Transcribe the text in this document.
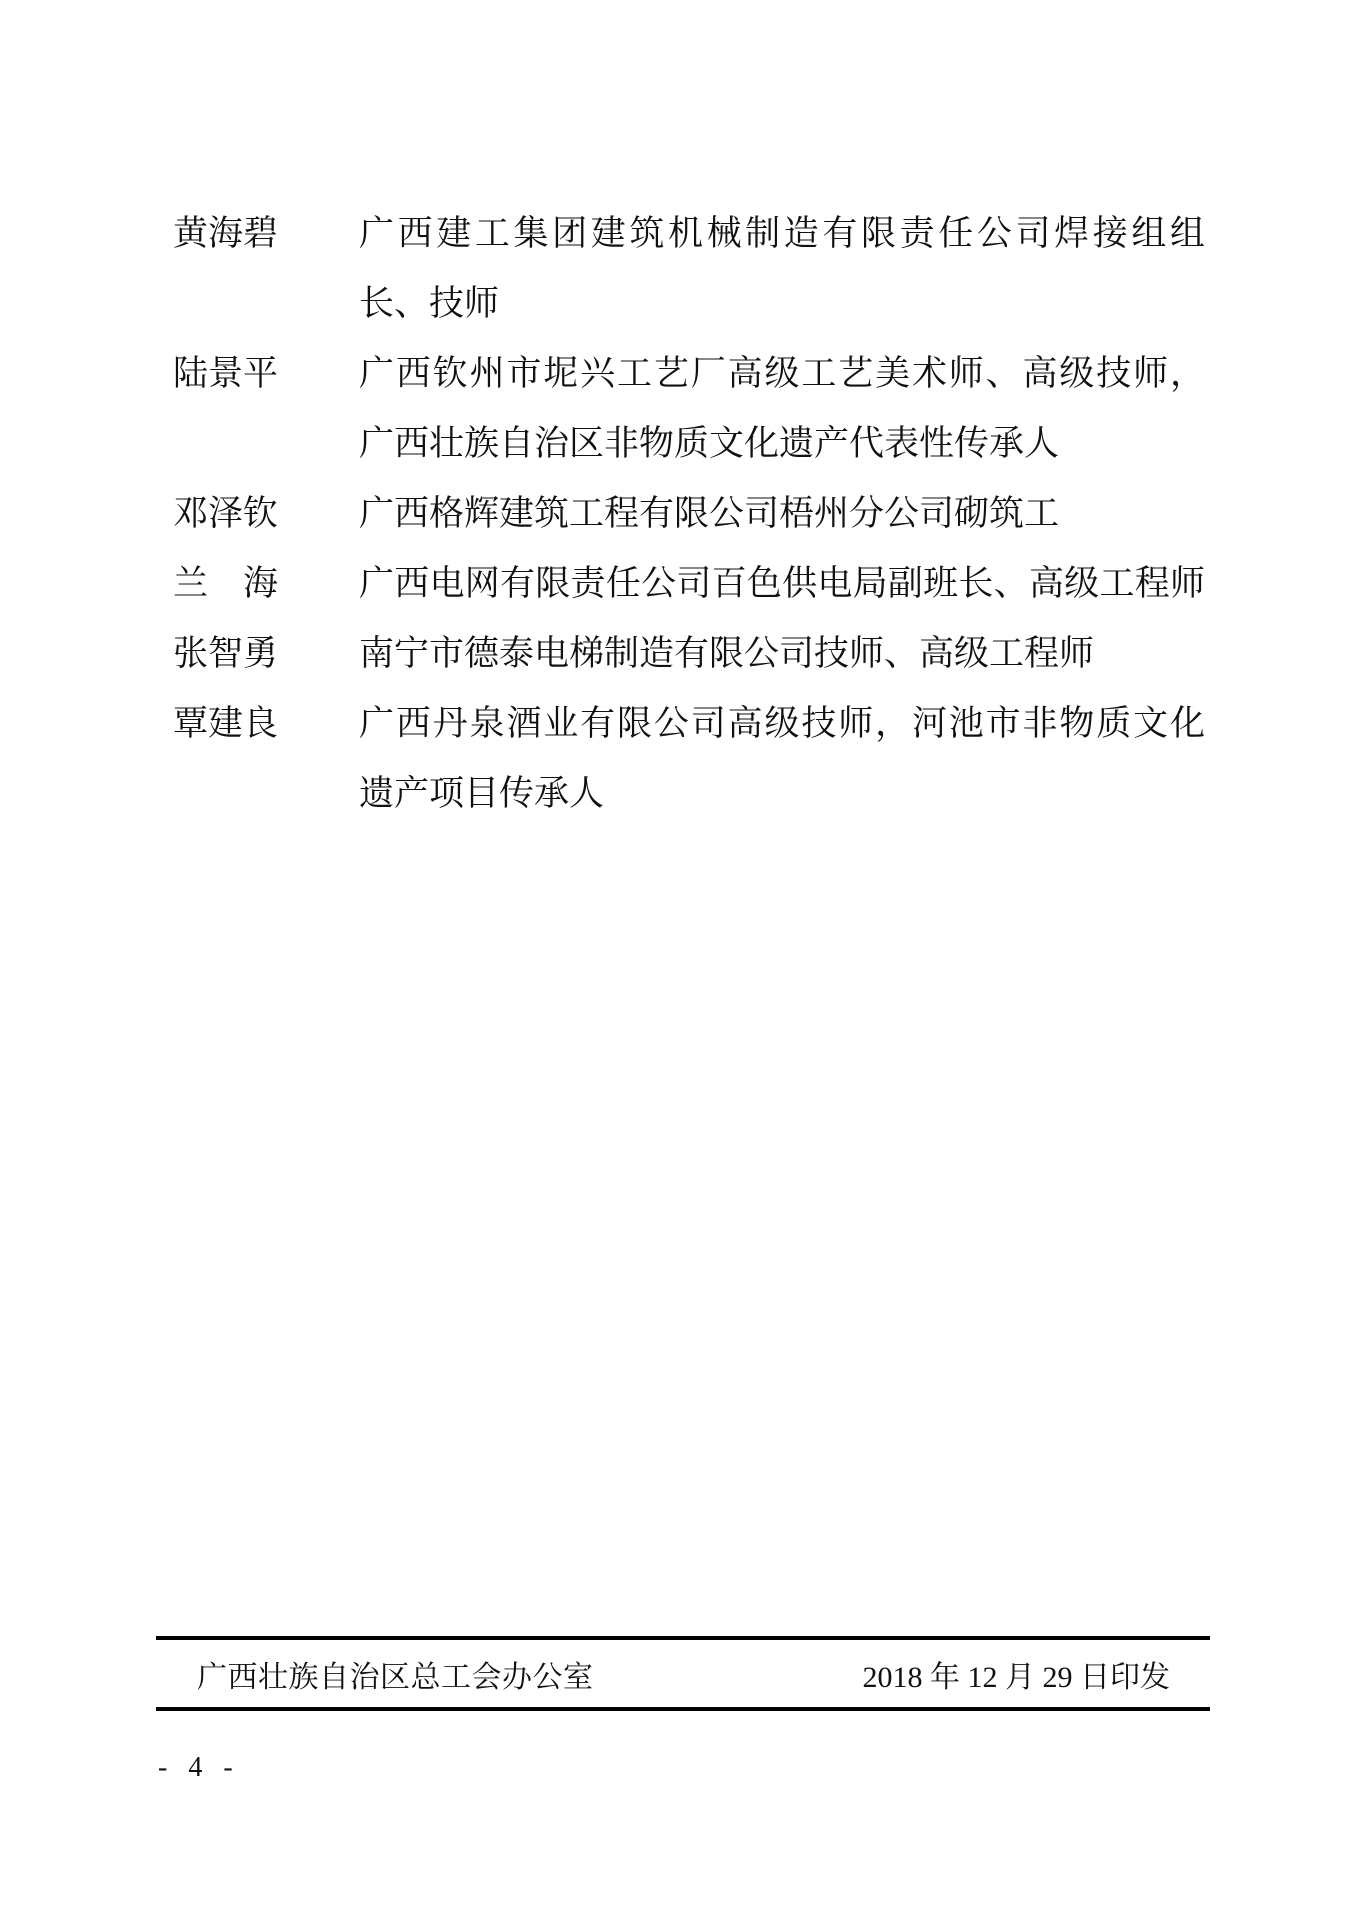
黄海碧 广西建工集团建筑机械制造有限责任公司焊接组组
长、技师
陆景平 广西钦州市坭兴工艺厂高级工艺美术师、高级技师，
广西壮族自治区非物质文化遗产代表性传承人
邓泽钦 广西格辉建筑工程有限公司梧州分公司砌筑工
兰海 广西电网有限责任公司百色供电局副班长、高级工程师
张智勇 南宁市德泰电梯制造有限公司技师、高级工程师
覃建良 广西丹泉酒业有限公司高级技师，河池市非物质文化
遗产项目传承人
广西壮族自治区总工会办公室	2018 年 12 月 29 日印发
- 4 -
